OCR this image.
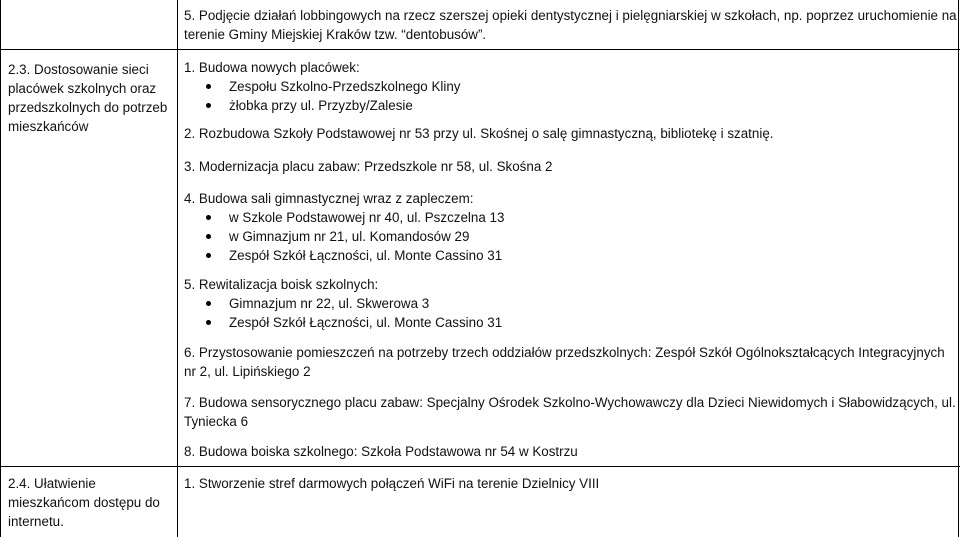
5. Podjęcie działań lobbingowych na rzecz szerszej opieki dentystycznej i pielęgniarskiej w szkołach, np. poprzez uruchomienie na
terenie Gminy Miejskiej Kraków tzw. “dentobusów”.
2.3. Dostosowanie sieci
placówek szkolnych oraz
przedszkolnych do potrzeb
mieszkańców
1. Budowa nowych placówek:
Zespołu Szkolno-Przedszkolnego Kliny
żłobka przy ul. Przyzby/Zalesie
2. Rozbudowa Szkoły Podstawowej nr 53 przy ul. Skośnej o salę gimnastyczną, bibliotekę i szatnię.
3. Modernizacja placu zabaw: Przedszkole nr 58, ul. Skośna 2
4. Budowa sali gimnastycznej wraz z zapleczem:
w Szkole Podstawowej nr 40, ul. Pszczelna 13
w Gimnazjum nr 21, ul. Komandosów 29
Zespół Szkół Łączności, ul. Monte Cassino 31
5. Rewitalizacja boisk szkolnych:
Gimnazjum nr 22, ul. Skwerowa 3
Zespół Szkół Łączności, ul. Monte Cassino 31
6. Przystosowanie pomieszczeń na potrzeby trzech oddziałów przedszkolnych: Zespół Szkół Ogólnokształcących Integracyjnych
nr 2, ul. Lipińskiego 2
7. Budowa sensorycznego placu zabaw: Specjalny Ośrodek Szkolno-Wychowawczy dla Dzieci Niewidomych i Słabowidzących, ul.
Tyniecka 6
8. Budowa boiska szkolnego: Szkoła Podstawowa nr 54 w Kostrzu
2.4. Ułatwienie
mieszkańcom dostępu do
internetu.
1. Stworzenie stref darmowych połączeń WiFi na terenie Dzielnicy VIII
